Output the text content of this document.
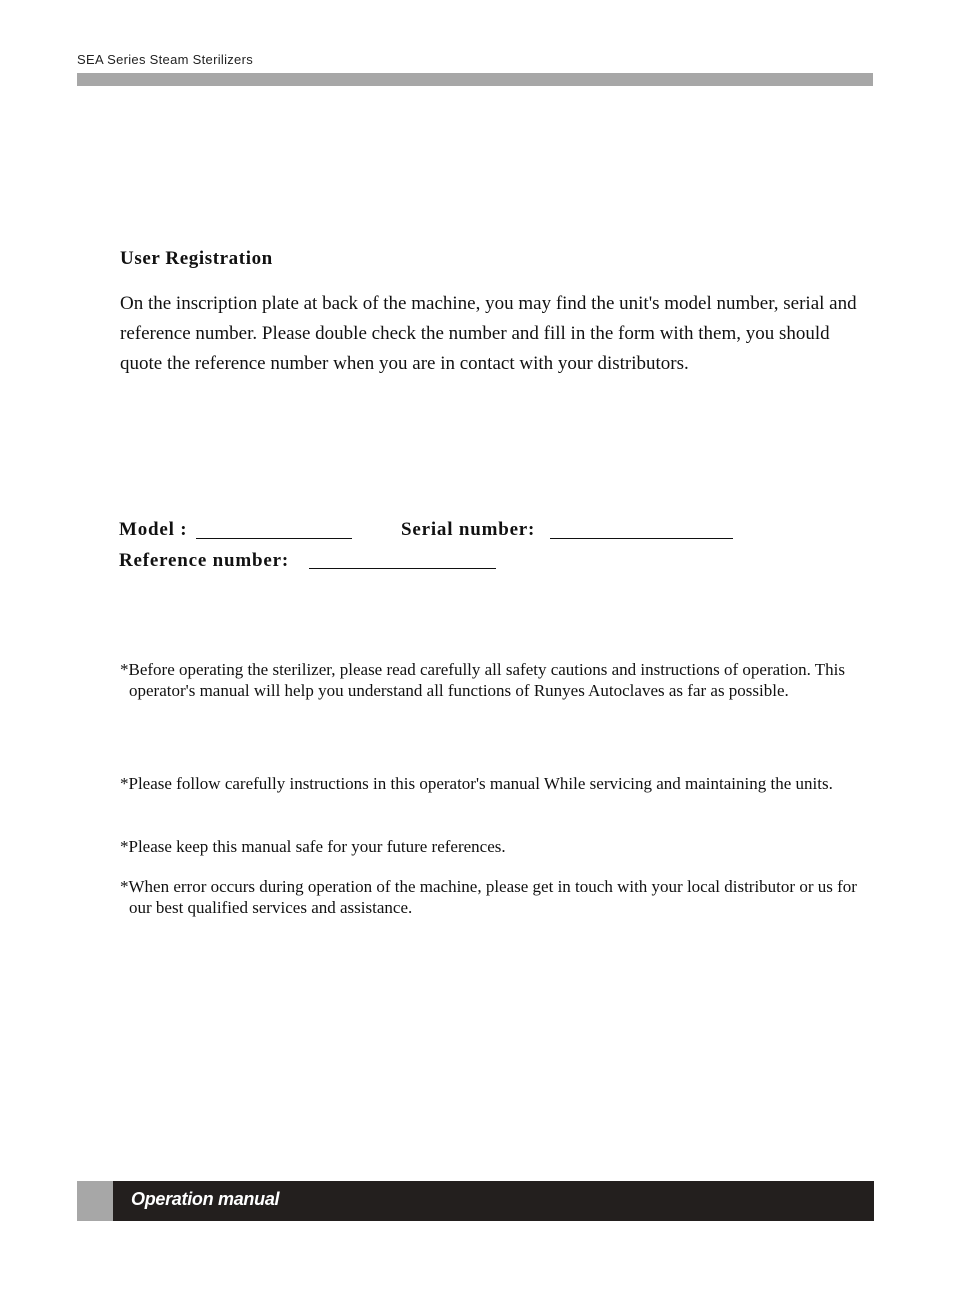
SEA Series Steam Sterilizers
User Registration

On the inscription plate at back of the machine, you may find the unit's model number, serial and reference number. Please double check the number and fill in the form with them, you should quote the reference number when you are in contact with your distributors.

Model :	Serial number:
Reference number:

*Before operating the sterilizer, please read carefully all safety cautions and instructions of operation. This operator's manual will help you understand all functions of Runyes Autoclaves as far as possible.

*Please follow carefully instructions in this operator's manual While servicing and maintaining the units.

*Please keep this manual safe for your future references.

*When error occurs during operation of the machine, please get in touch with your local distributor or us for our best qualified services and assistance.

Operation manual
